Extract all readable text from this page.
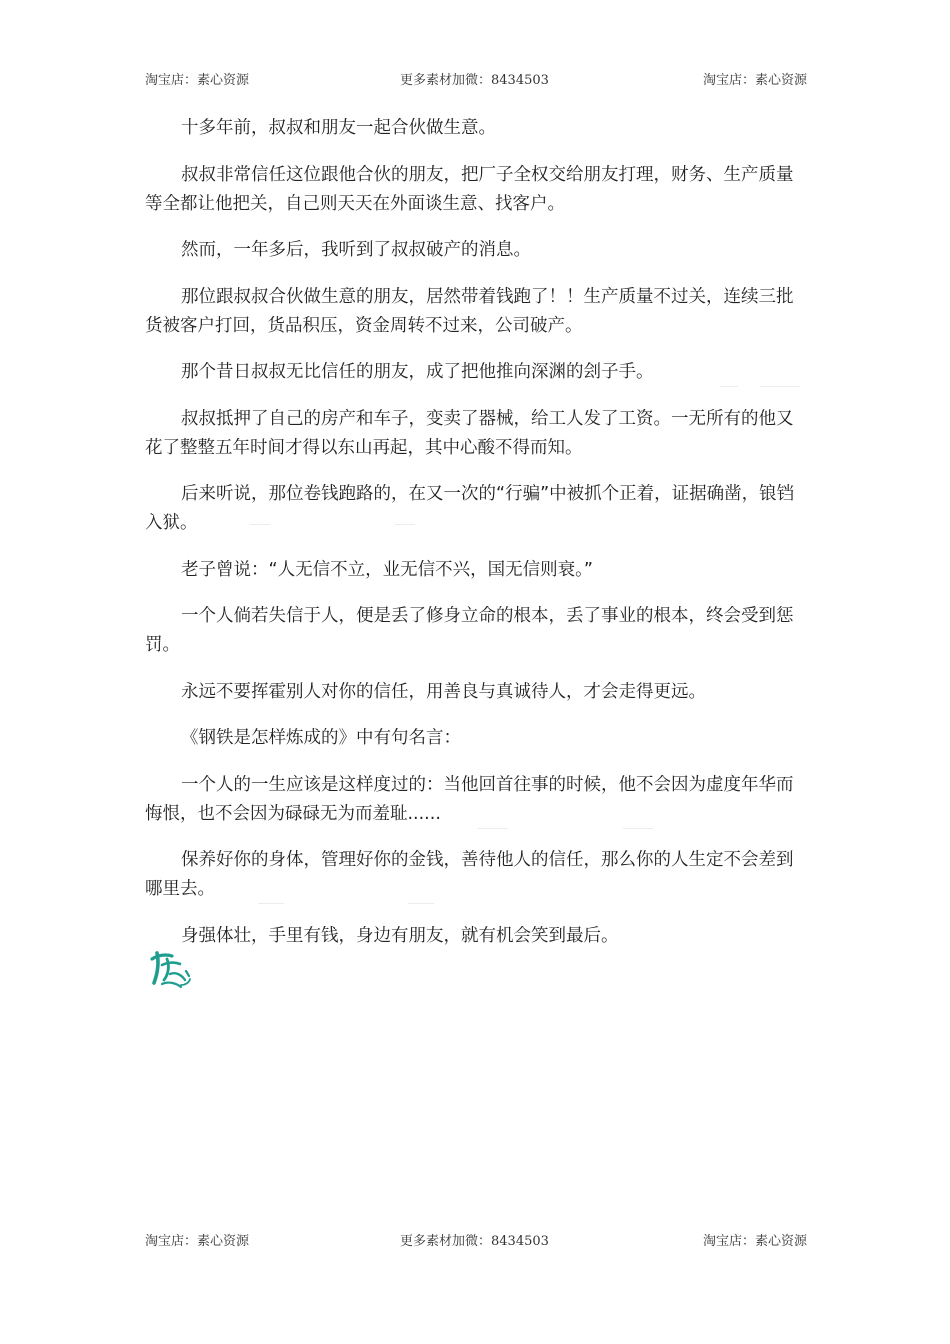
淘宝店：素心资源	更多素材加微：8434503	淘宝店：素心资源

十多年前，叔叔和朋友一起合伙做生意。

叔叔非常信任这位跟他合伙的朋友，把厂子全权交给朋友打理，财务、生产质量等全都让他把关，自己则天天在外面谈生意、找客户。

然而，一年多后，我听到了叔叔破产的消息。

那位跟叔叔合伙做生意的朋友，居然带着钱跑了！！生产质量不过关，连续三批货被客户打回，货品积压，资金周转不过来，公司破产。

那个昔日叔叔无比信任的朋友，成了把他推向深渊的刽子手。

叔叔抵押了自己的房产和车子，变卖了器械，给工人发了工资。一无所有的他又花了整整五年时间才得以东山再起，其中心酸不得而知。

后来听说，那位卷钱跑路的，在又一次的“行骗”中被抓个正着，证据确凿，锒铛入狱。

老子曾说：“人无信不立，业无信不兴，国无信则衰。”

一个人倘若失信于人，便是丢了修身立命的根本，丢了事业的根本，终会受到惩罚。

永远不要挥霍别人对你的信任，用善良与真诚待人，才会走得更远。

《钢铁是怎样炼成的》中有句名言：

一个人的一生应该是这样度过的：当他回首往事的时候，他不会因为虚度年华而悔恨，也不会因为碌碌无为而羞耻......

保养好你的身体，管理好你的金钱，善待他人的信任，那么你的人生定不会差到哪里去。

身强体壮，手里有钱，身边有朋友，就有机会笑到最后。

淘宝店：素心资源	更多素材加微：8434503	淘宝店：素心资源
